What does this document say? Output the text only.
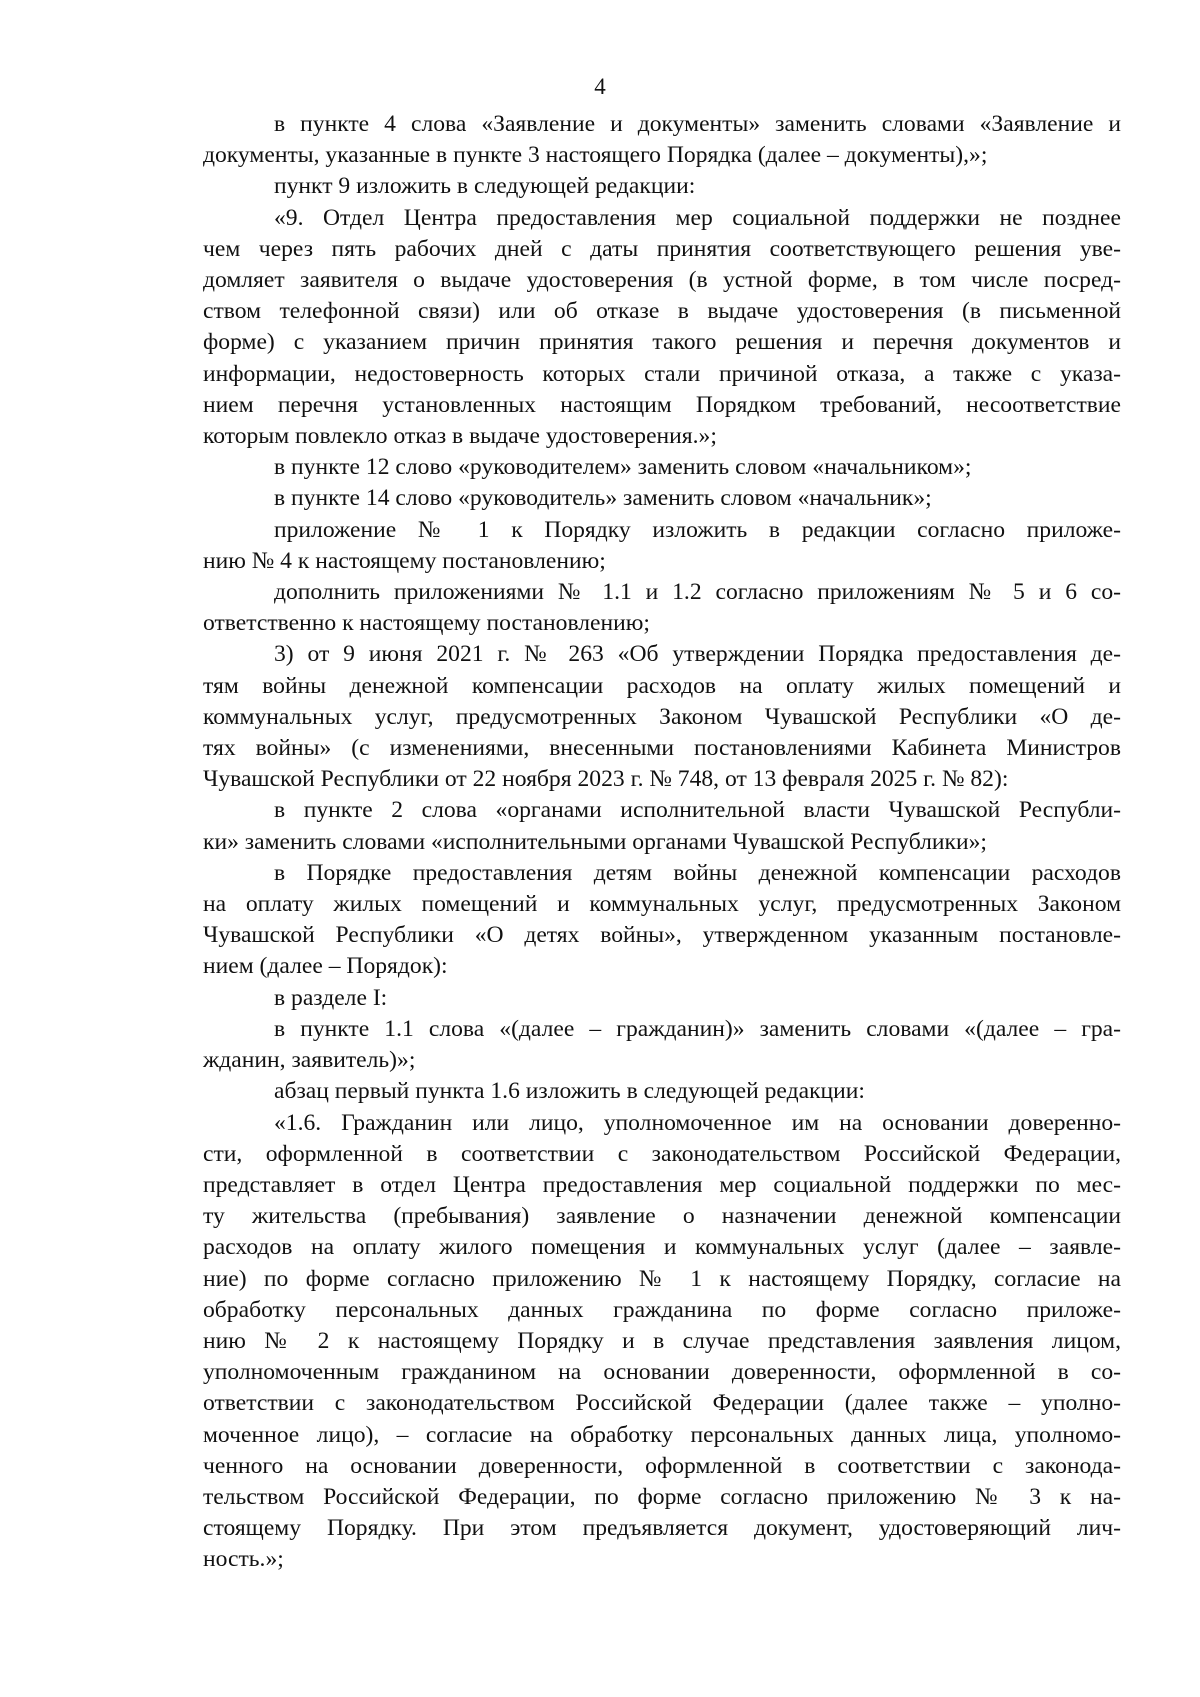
4
в пункте 4 слова «Заявление и документы» заменить словами «Заявление и
документы, указанные в пункте 3 настоящего Порядка (далее – документы),»;
пункт 9 изложить в следующей редакции:
«9. Отдел Центра предоставления мер социальной поддержки не позднее
чем через пять рабочих дней с даты принятия соответствующего решения уве-
домляет заявителя о выдаче удостоверения (в устной форме, в том числе посред-
ством телефонной связи) или об отказе в выдаче удостоверения (в письменной
форме) с указанием причин принятия такого решения и перечня документов и
информации, недостоверность которых стали причиной отказа, а также с указа-
нием перечня установленных настоящим Порядком требований, несоответствие
которым повлекло отказ в выдаче удостоверения.»;
в пункте 12 слово «руководителем» заменить словом «начальником»;
в пункте 14 слово «руководитель» заменить словом «начальник»;
приложение № 1 к Порядку изложить в редакции согласно приложе-
нию № 4 к настоящему постановлению;
дополнить приложениями № 1.1 и 1.2 согласно приложениям № 5 и 6 со-
ответственно к настоящему постановлению;
3) от 9 июня 2021 г. № 263 «Об утверждении Порядка предоставления де-
тям войны денежной компенсации расходов на оплату жилых помещений и
коммунальных услуг, предусмотренных Законом Чувашской Республики «О де-
тях войны» (с изменениями, внесенными постановлениями Кабинета Министров
Чувашской Республики от 22 ноября 2023 г. № 748, от 13 февраля 2025 г. № 82):
в пункте 2 слова «органами исполнительной власти Чувашской Республи-
ки» заменить словами «исполнительными органами Чувашской Республики»;
в Порядке предоставления детям войны денежной компенсации расходов
на оплату жилых помещений и коммунальных услуг, предусмотренных Законом
Чувашской Республики «О детях войны», утвержденном указанным постановле-
нием (далее – Порядок):
в разделе I:
в пункте 1.1 слова «(далее – гражданин)» заменить словами «(далее – гра-
жданин, заявитель)»;
абзац первый пункта 1.6 изложить в следующей редакции:
«1.6. Гражданин или лицо, уполномоченное им на основании доверенно-
сти, оформленной в соответствии с законодательством Российской Федерации,
представляет в отдел Центра предоставления мер социальной поддержки по мес-
ту жительства (пребывания) заявление о назначении денежной компенсации
расходов на оплату жилого помещения и коммунальных услуг (далее – заявле-
ние) по форме согласно приложению № 1 к настоящему Порядку, согласие на
обработку персональных данных гражданина по форме согласно приложе-
нию № 2 к настоящему Порядку и в случае представления заявления лицом,
уполномоченным гражданином на основании доверенности, оформленной в со-
ответствии с законодательством Российской Федерации (далее также – уполно-
моченное лицо), – согласие на обработку персональных данных лица, уполномо-
ченного на основании доверенности, оформленной в соответствии с законода-
тельством Российской Федерации, по форме согласно приложению № 3 к на-
стоящему Порядку. При этом предъявляется документ, удостоверяющий лич-
ность.»;
